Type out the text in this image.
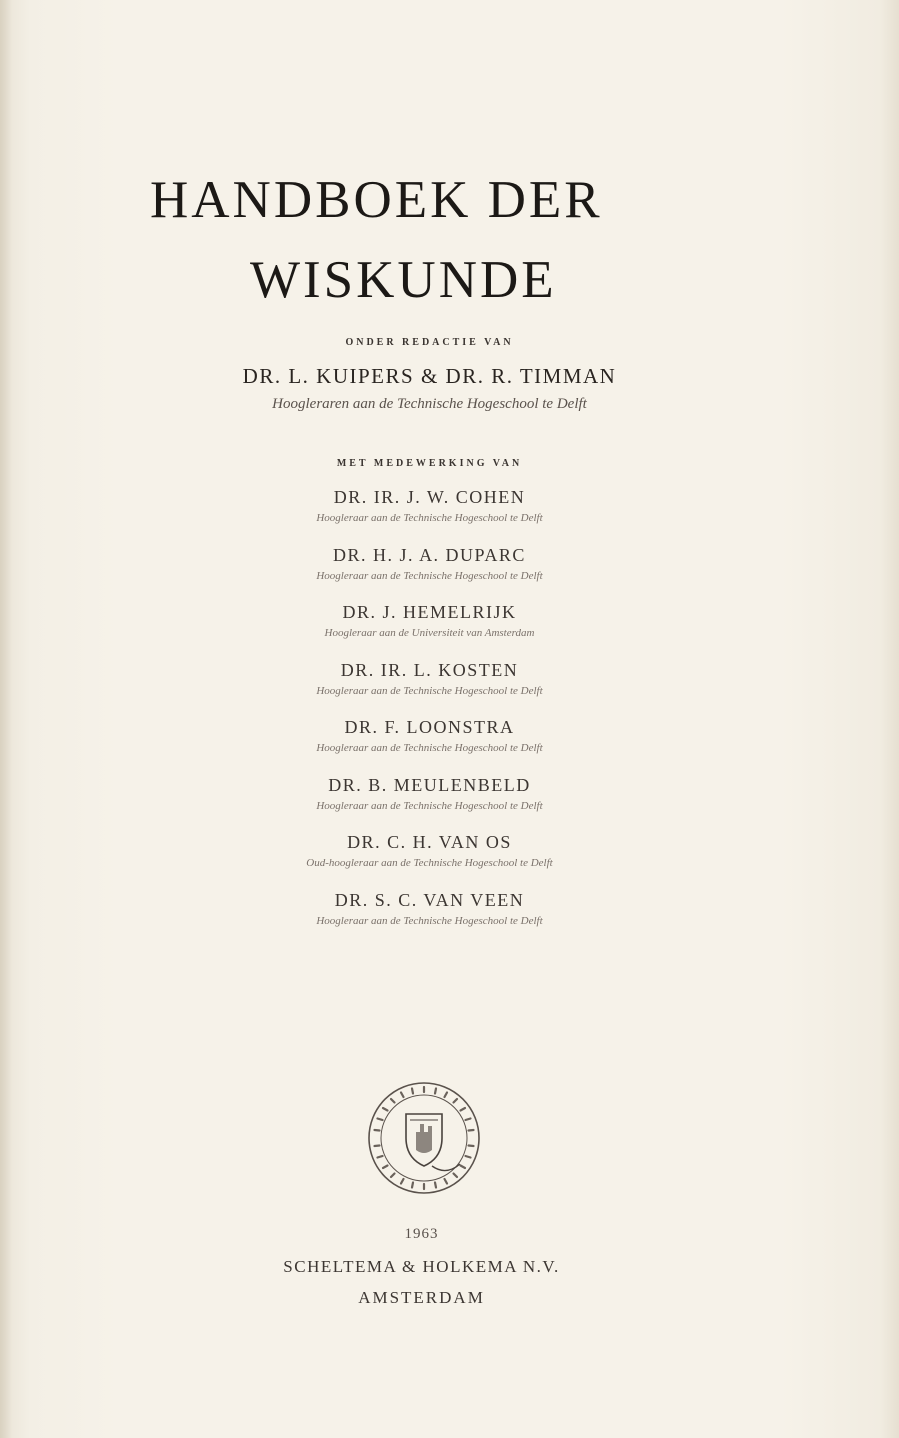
HANDBOEK DER
WISKUNDE
ONDER REDACTIE VAN
DR. L. KUIPERS & DR. R. TIMMAN
Hoogleraren aan de Technische Hogeschool te Delft
MET MEDEWERKING VAN
DR. IR. J. W. COHEN
Hoogleraar aan de Technische Hogeschool te Delft
DR. H. J. A. DUPARC
Hoogleraar aan de Technische Hogeschool te Delft
DR. J. HEMELRIJK
Hoogleraar aan de Universiteit van Amsterdam
DR. IR. L. KOSTEN
Hoogleraar aan de Technische Hogeschool te Delft
DR. F. LOONSTRA
Hoogleraar aan de Technische Hogeschool te Delft
DR. B. MEULENBELD
Hoogleraar aan de Technische Hogeschool te Delft
DR. C. H. VAN OS
Oud-hoogleraar aan de Technische Hogeschool te Delft
DR. S. C. VAN VEEN
Hoogleraar aan de Technische Hogeschool te Delft
1963
SCHELTEMA & HOLKEMA N.V.
AMSTERDAM
